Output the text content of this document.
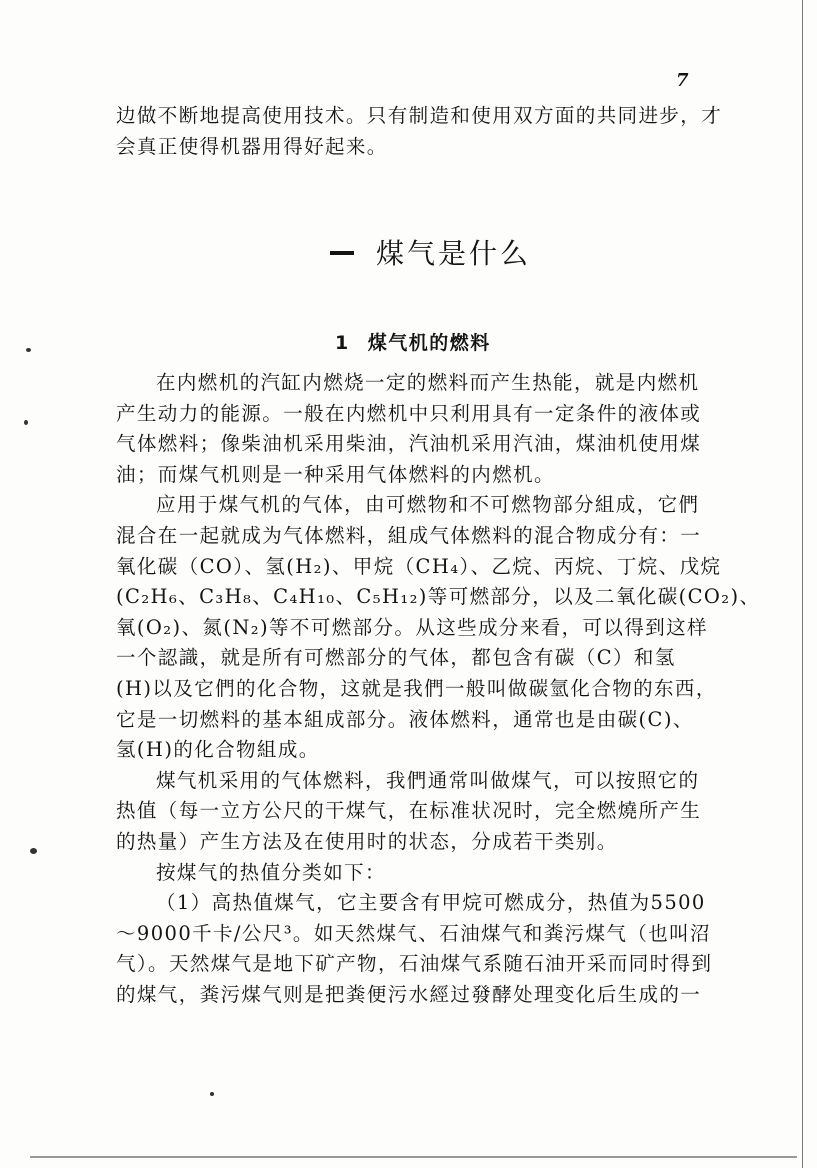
7
边做不断地提高使用技术。只有制造和使用双方面的共同进步，才
会真正使得机器用得好起来。
煤气是什么
1 煤气机的燃料
在内燃机的汽缸内燃烧一定的燃料而产生热能，就是内燃机
产生动力的能源。一般在内燃机中只利用具有一定条件的液体或
气体燃料；像柴油机采用柴油，汽油机采用汽油，煤油机使用煤
油；而煤气机则是一种采用气体燃料的内燃机。
应用于煤气机的气体，由可燃物和不可燃物部分組成，它們
混合在一起就成为气体燃料，組成气体燃料的混合物成分有：一
氧化碳（CO）、氢(H₂)、甲烷（CH₄）、乙烷、丙烷、丁烷、戊烷
(C₂H₆、C₃H₈、C₄H₁₀、C₅H₁₂)等可燃部分，以及二氧化碳(CO₂)、
氧(O₂)、氮(N₂)等不可燃部分。从这些成分来看，可以得到这样
一个認識，就是所有可燃部分的气体，都包含有碳（C）和氢
(H)以及它們的化合物，这就是我們一般叫做碳氫化合物的东西，
它是一切燃料的基本組成部分。液体燃料，通常也是由碳(C)、
氢(H)的化合物組成。
煤气机采用的气体燃料，我們通常叫做煤气，可以按照它的
热值（每一立方公尺的干煤气，在标准状况时，完全燃燒所产生
的热量）产生方法及在使用时的状态，分成若干类别。
按煤气的热值分类如下：
（1）高热值煤气，它主要含有甲烷可燃成分，热值为5500
～9000千卡/公尺³。如天然煤气、石油煤气和粪污煤气（也叫沼
气）。天然煤气是地下矿产物，石油煤气系随石油开采而同时得到
的煤气，粪污煤气则是把粪便污水經过發酵处理变化后生成的一
